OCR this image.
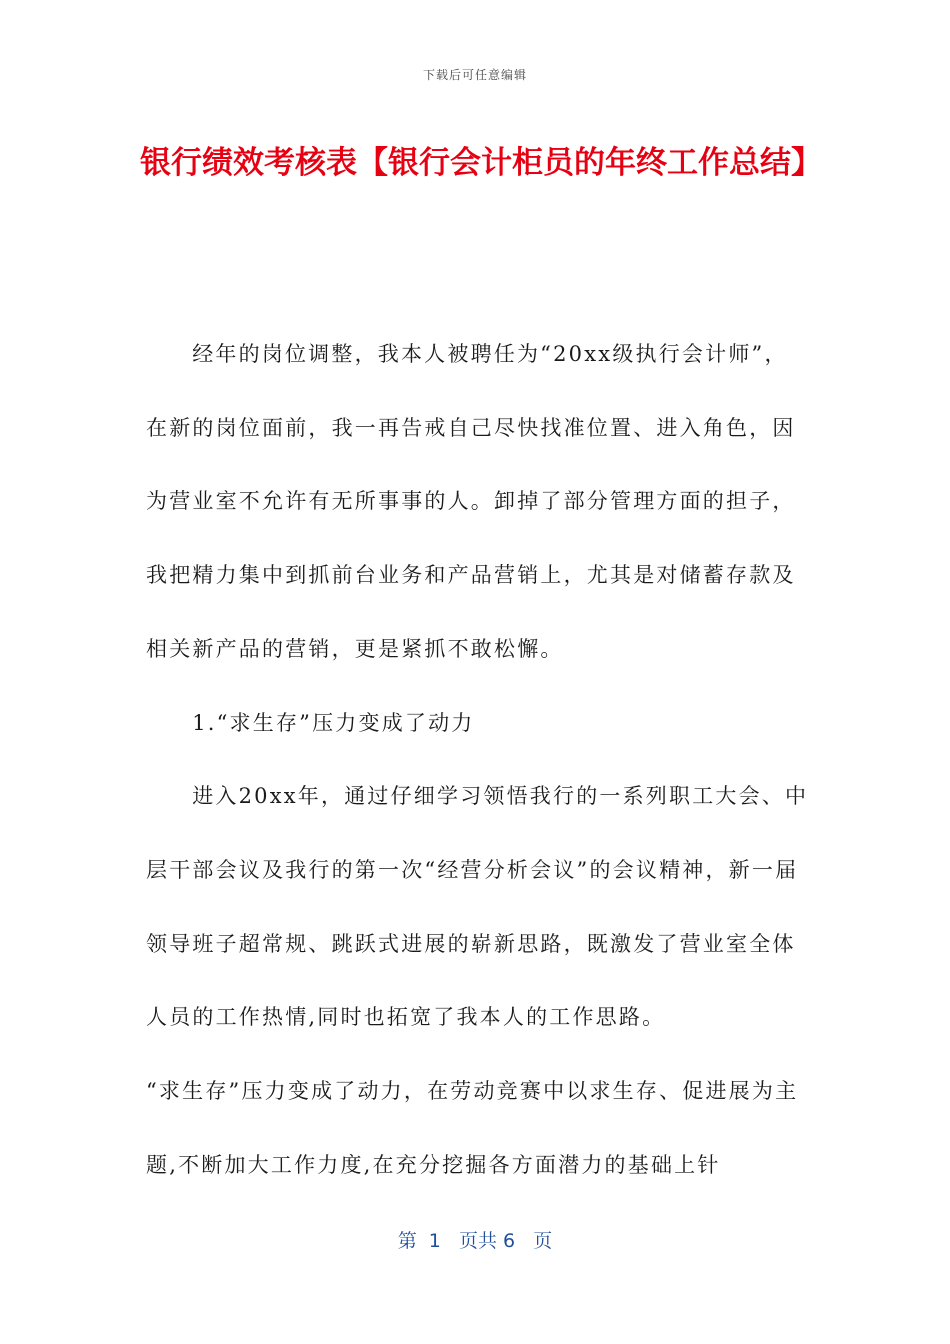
下载后可任意编辑
银行绩效考核表【银行会计柜员的年终工作总结】

经年的岗位调整，我本人被聘任为“20xx级执行会计师”，在新的岗位面前，我一再告戒自己尽快找准位置、进入角色，因为营业室不允许有无所事事的人。卸掉了部分管理方面的担子，我把精力集中到抓前台业务和产品营销上，尤其是对储蓄存款及相关新产品的营销，更是紧抓不敢松懈。

1.“求生存”压力变成了动力

进入20xx年，通过仔细学习领悟我行的一系列职工大会、中层干部会议及我行的第一次“经营分析会议”的会议精神，新一届领导班子超常规、跳跃式进展的崭新思路，既激发了营业室全体人员的工作热情,同时也拓宽了我本人的工作思路。

“求生存”压力变成了动力，在劳动竞赛中以求生存、促进展为主题,不断加大工作力度,在充分挖掘各方面潜力的基础上针

第  1   页共 6   页
